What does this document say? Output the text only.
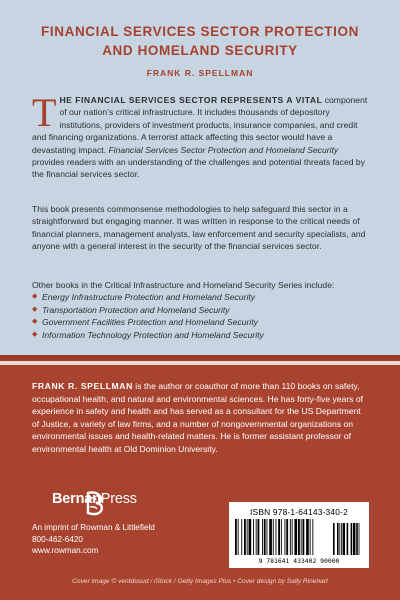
FINANCIAL SERVICES SECTOR PROTECTION
AND HOMELAND SECURITY
FRANK R. SPELLMAN
THE FINANCIAL SERVICES SECTOR REPRESENTS A VITAL component of our nation’s critical infrastructure. It includes thousands of depository institutions, providers of investment products, insurance companies, and credit and financing organizations. A terrorist attack affecting this sector would have a devastating impact. Financial Services Sector Protection and Homeland Security provides readers with an understanding of the challenges and potential threats faced by the financial services sector.
This book presents commonsense methodologies to help safeguard this sector in a straightforward but engaging manner. It was written in response to the critical needs of financial planners, management analysts, law enforcement and security specialists, and anyone with a general interest in the security of the financial services sector.
Other books in the Critical Infrastructure and Homeland Security Series include:
◆ Energy Infrastructure Protection and Homeland Security
◆ Transportation Protection and Homeland Security
◆ Government Facilities Protection and Homeland Security
◆ Information Technology Protection and Homeland Security
FRANK R. SPELLMAN is the author or coauthor of more than 110 books on safety, occupational health, and natural and environmental sciences. He has forty-five years of experience in safety and health and has served as a consultant for the US Department of Justice, a variety of law firms, and a number of nongovernmental organizations on environmental issues and health-related matters. He is former assistant professor of environmental health at Old Dominion University.
BernanPress
An imprint of Rowman & Littlefield
800-462-6420
www.rowman.com
ISBN 978-1-64143-340-2
9 781641 433402 90000
Cover image © ventdusud / iStock / Getty Images Plus • Cover design by Sally Rinehart
